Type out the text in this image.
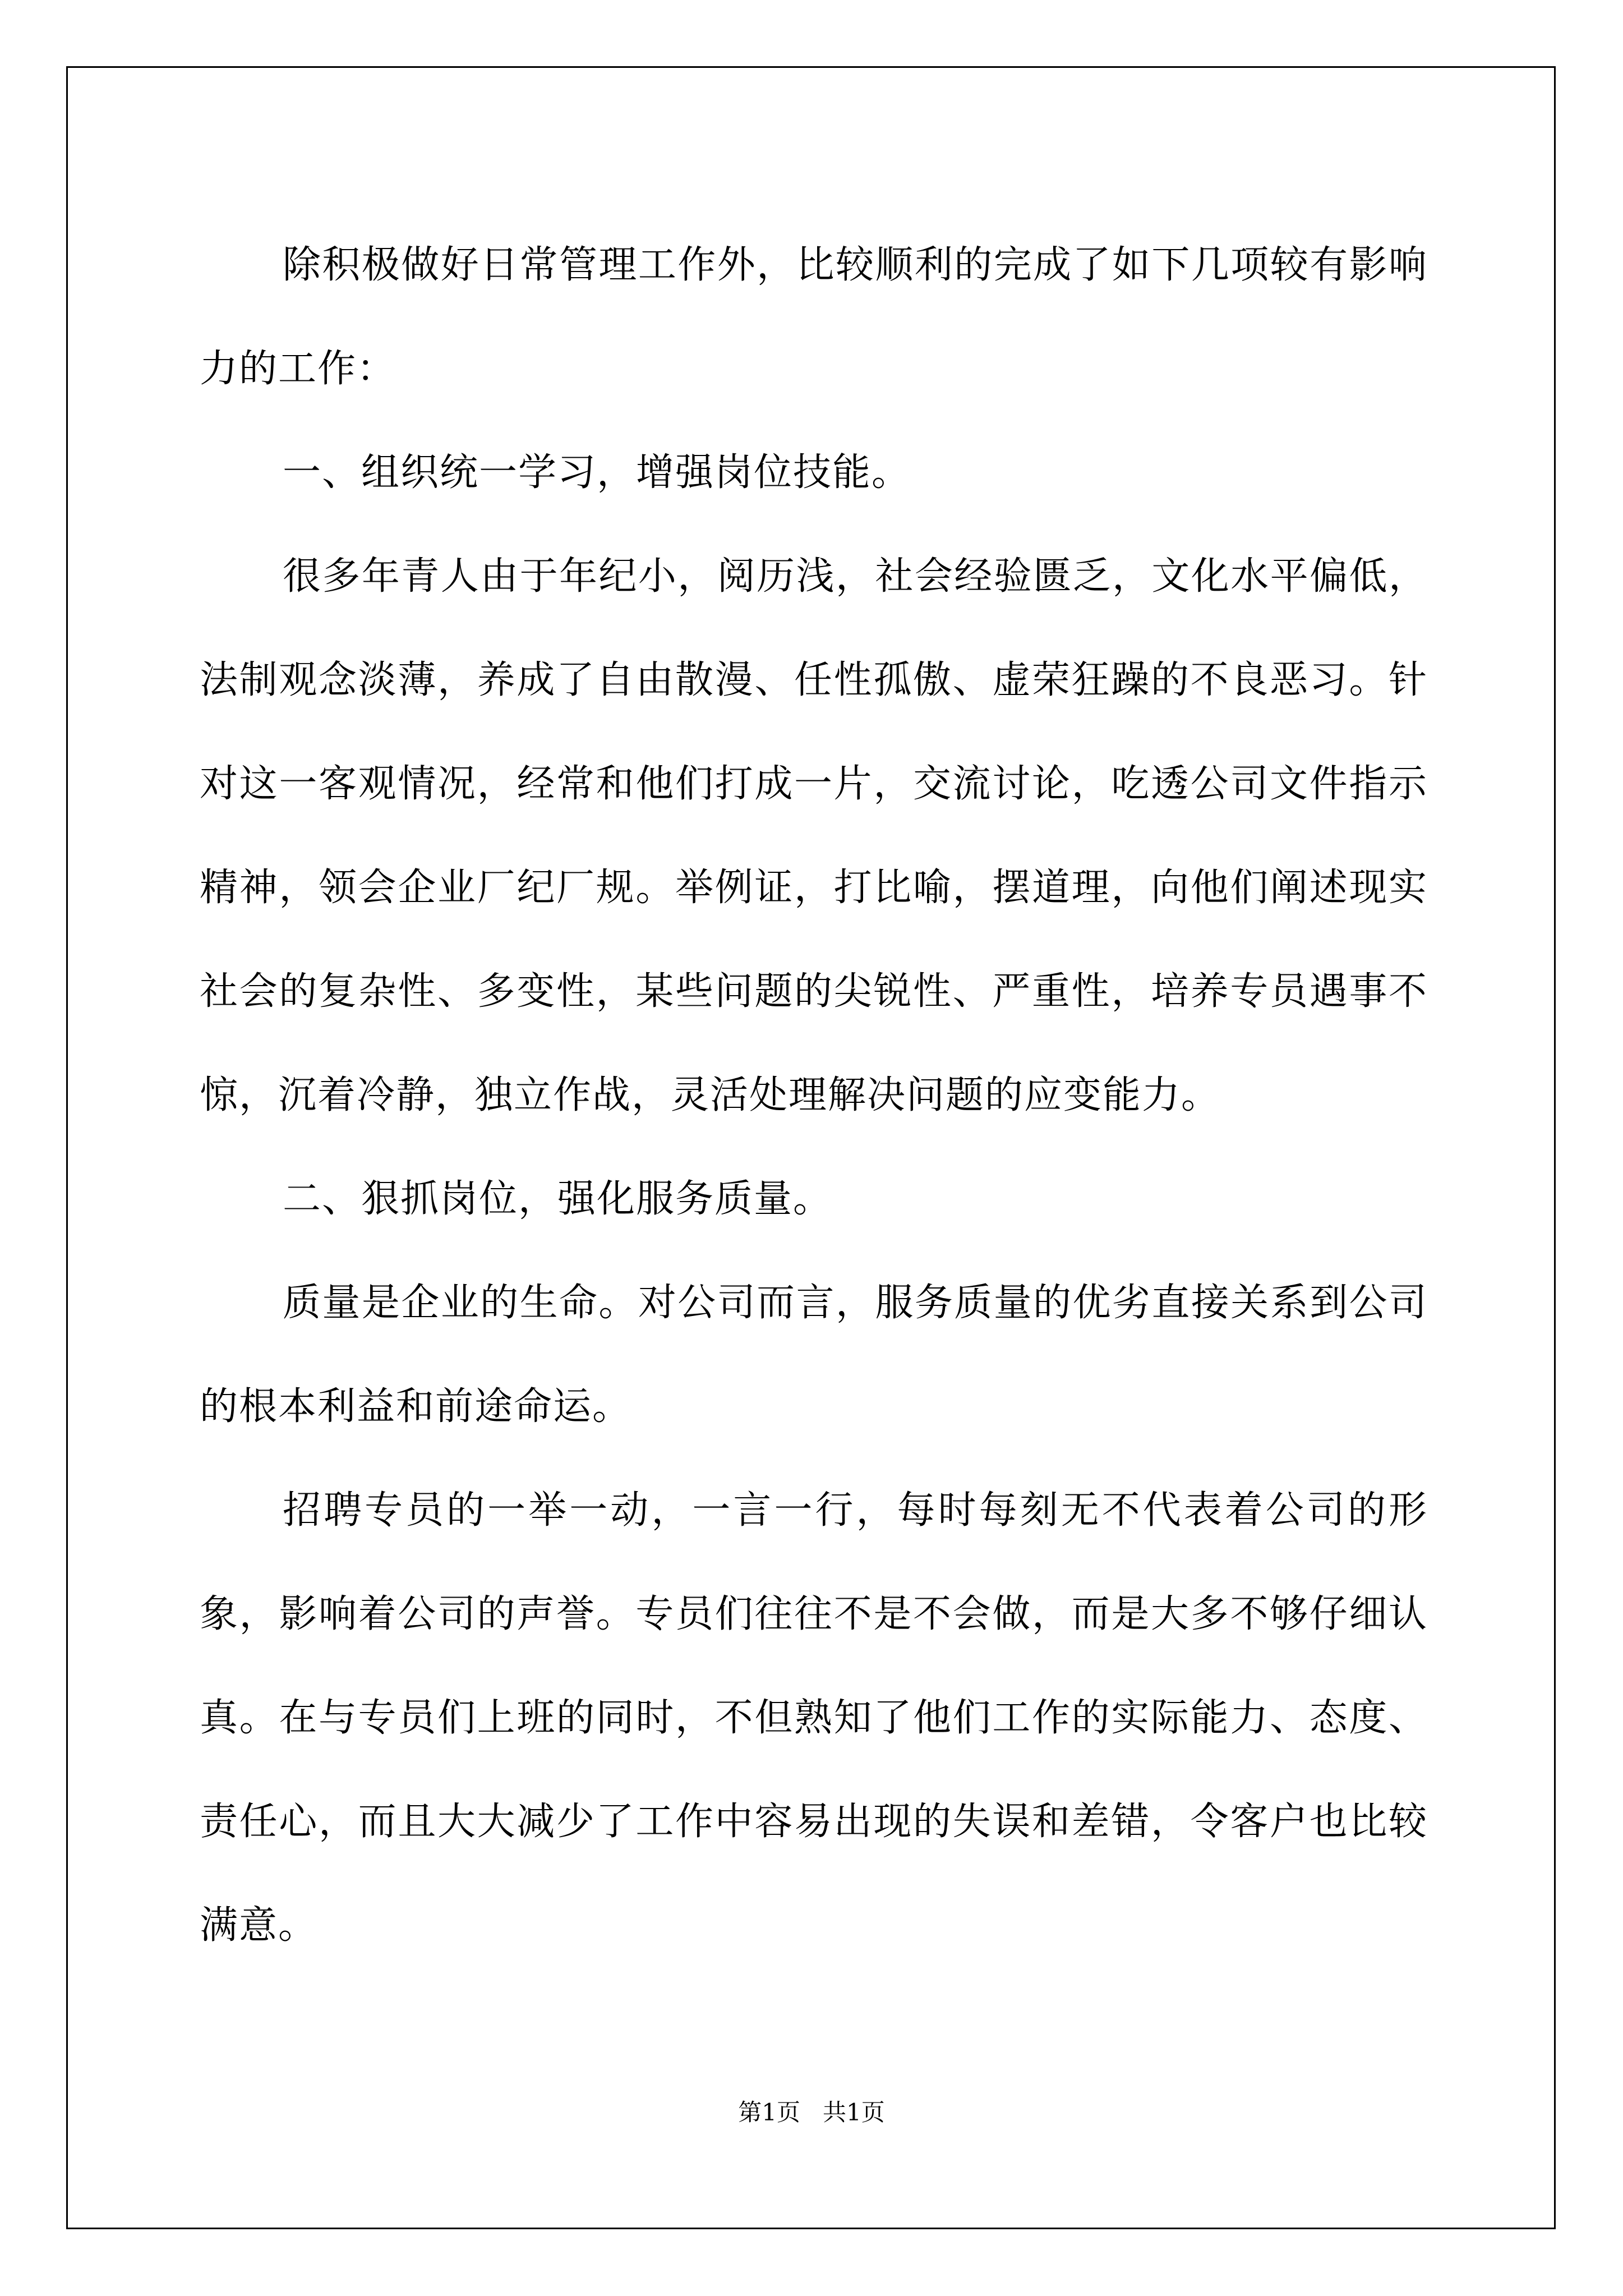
除积极做好日常管理工作外，比较顺利的完成了如下几项较有影响力的工作：

一、组织统一学习，增强岗位技能。

很多年青人由于年纪小，阅历浅，社会经验匮乏，文化水平偏低，法制观念淡薄，养成了自由散漫、任性孤傲、虚荣狂躁的不良恶习。针对这一客观情况，经常和他们打成一片，交流讨论，吃透公司文件指示精神，领会企业厂纪厂规。举例证，打比喻，摆道理，向他们阐述现实社会的复杂性、多变性，某些问题的尖锐性、严重性，培养专员遇事不惊，沉着冷静，独立作战，灵活处理解决问题的应变能力。

二、狠抓岗位，强化服务质量。

质量是企业的生命。对公司而言，服务质量的优劣直接关系到公司的根本利益和前途命运。

招聘专员的一举一动，一言一行，每时每刻无不代表着公司的形象，影响着公司的声誉。专员们往往不是不会做，而是大多不够仔细认真。在与专员们上班的同时，不但熟知了他们工作的实际能力、态度、责任心，而且大大减少了工作中容易出现的失误和差错，令客户也比较满意。

第1页 共1页
